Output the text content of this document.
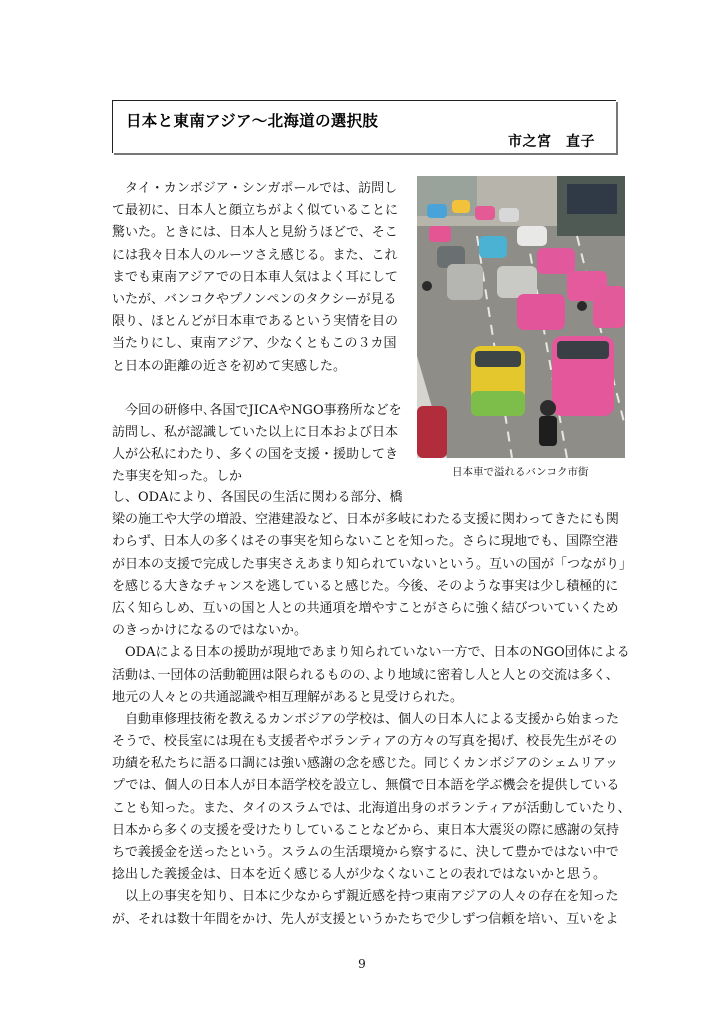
日本と東南アジア～北海道の選択肢
市之宮　直子
　タイ・カンボジア・シンガポールでは、訪問し
て最初に、日本人と顔立ちがよく似ていることに
驚いた。ときには、日本人と見紛うほどで、そこ
には我々日本人のルーツさえ感じる。また、これ
までも東南アジアでの日本車人気はよく耳にして
いたが、バンコクやプノンペンのタクシーが見る
限り、ほとんどが日本車であるという実情を目の
当たりにし、東南アジア、少なくともこの３カ国
と日本の距離の近さを初めて実感した。
　今回の研修中､各国でJICAやNGO事務所などを
訪問し、私が認識していた以上に日本および日本
人が公私にわたり、多くの国を支援・援助してき
た事実を知った。しか	日本車で溢れるバンコク市街
し、ODAにより、各国民の生活に関わる部分、橋
梁の施工や大学の増設、空港建設など、日本が多岐にわたる支援に関わってきたにも関
わらず、日本人の多くはその事実を知らないことを知った。さらに現地でも、国際空港
が日本の支援で完成した事実さえあまり知られていないという。互いの国が「つながり」
を感じる大きなチャンスを逃していると感じた。今後、そのような事実は少し積極的に
広く知らしめ、互いの国と人との共通項を増やすことがさらに強く結びついていくため
のきっかけになるのではないか。
　ODAによる日本の援助が現地であまり知られていない一方で、日本のNGO団体による
活動は､一団体の活動範囲は限られるものの､より地域に密着し人と人との交流は多く、
地元の人々との共通認識や相互理解があると見受けられた。
　自動車修理技術を教えるカンボジアの学校は、個人の日本人による支援から始まった
そうで、校長室には現在も支援者やボランティアの方々の写真を掲げ、校長先生がその
功績を私たちに語る口調には強い感謝の念を感じた。同じくカンボジアのシェムリアッ
プでは、個人の日本人が日本語学校を設立し、無償で日本語を学ぶ機会を提供している
ことも知った。また、タイのスラムでは、北海道出身のボランティアが活動していたり、
日本から多くの支援を受けたりしていることなどから、東日本大震災の際に感謝の気持
ちで義援金を送ったという。スラムの生活環境から察するに、決して豊かではない中で
捻出した義援金は、日本を近く感じる人が少なくないことの表れではないかと思う。
　以上の事実を知り、日本に少なからず親近感を持つ東南アジアの人々の存在を知った
が、それは数十年間をかけ、先人が支援というかたちで少しずつ信頼を培い、互いをよ
9
